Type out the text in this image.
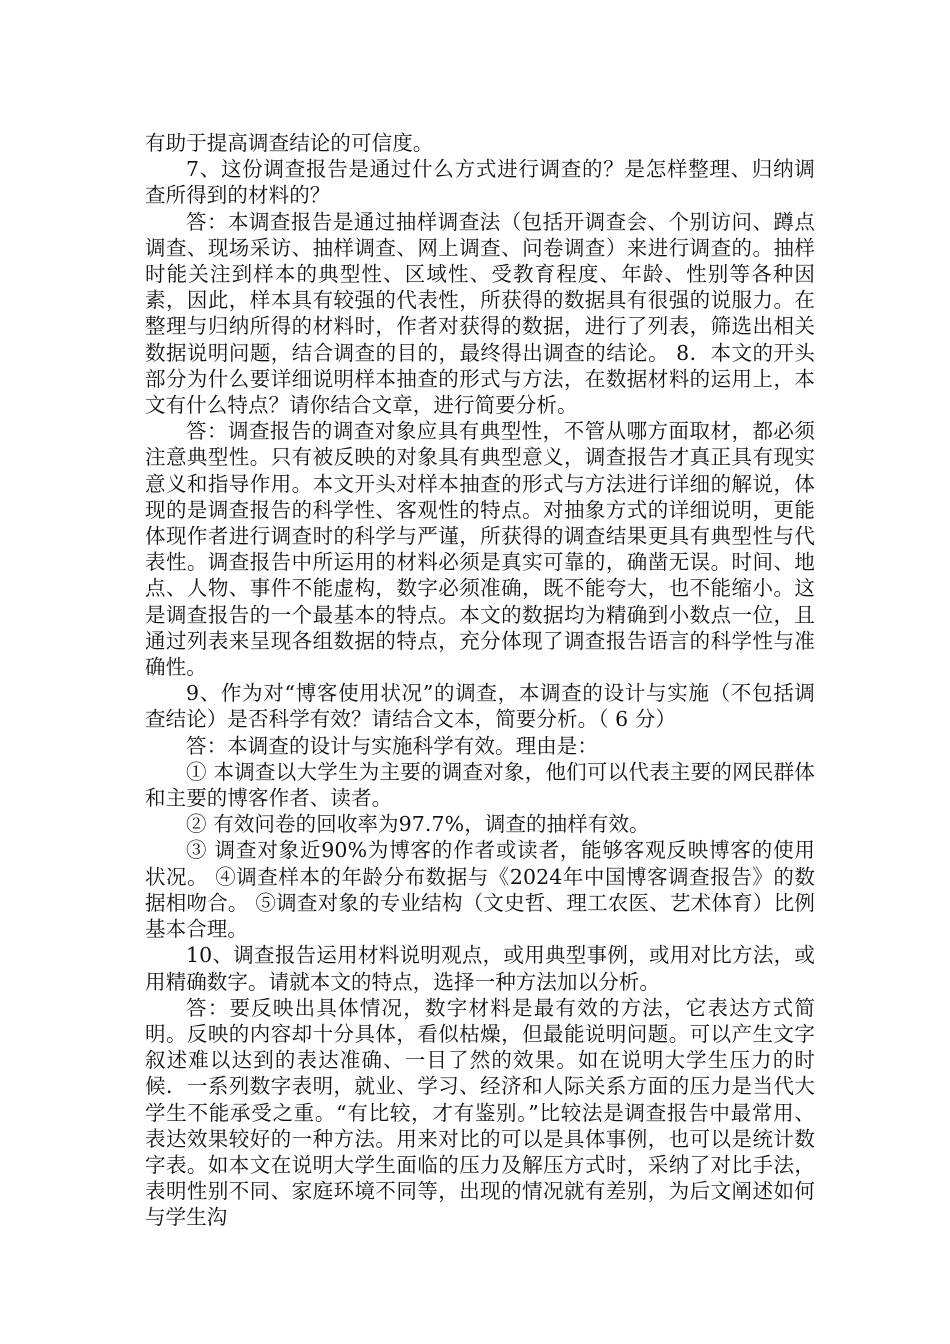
有助于提高调查结论的可信度。

7、这份调查报告是通过什么方式进行调查的？是怎样整理、归纳调查所得到的材料的？

答：本调查报告是通过抽样调查法（包括开调查会、个别访问、蹲点调查、现场采访、抽样调查、网上调查、问卷调查）来进行调查的。抽样时能关注到样本的典型性、区域性、受教育程度、年龄、性别等各种因素，因此，样本具有较强的代表性，所获得的数据具有很强的说服力。在整理与归纳所得的材料时，作者对获得的数据，进行了列表，筛选出相关数据说明问题，结合调查的目的，最终得出调查的结论。 8．本文的开头部分为什么要详细说明样本抽查的形式与方法，在数据材料的运用上，本文有什么特点？请你结合文章，进行简要分析。

答：调查报告的调查对象应具有典型性，不管从哪方面取材，都必须注意典型性。只有被反映的对象具有典型意义，调查报告才真正具有现实意义和指导作用。本文开头对样本抽查的形式与方法进行详细的解说，体现的是调查报告的科学性、客观性的特点。对抽象方式的详细说明，更能体现作者进行调查时的科学与严谨，所获得的调查结果更具有典型性与代表性。调查报告中所运用的材料必须是真实可靠的，确凿无误。时间、地点、人物、事件不能虚构，数字必须准确，既不能夸大，也不能缩小。这是调查报告的一个最基本的特点。本文的数据均为精确到小数点一位，且通过列表来呈现各组数据的特点，充分体现了调查报告语言的科学性与准确性。

9、作为对“博客使用状况”的调查，本调查的设计与实施（不包括调查结论）是否科学有效？请结合文本，简要分析。（ 6 分）

答：本调查的设计与实施科学有效。理由是：

① 本调查以大学生为主要的调查对象，他们可以代表主要的网民群体和主要的博客作者、读者。

② 有效问卷的回收率为97.7%，调查的抽样有效。

③ 调查对象近90%为博客的作者或读者，能够客观反映博客的使用状况。 ④调查样本的年龄分布数据与《2024年中国博客调查报告》的数据相吻合。 ⑤调查对象的专业结构（文史哲、理工农医、艺术体育）比例基本合理。

10、调查报告运用材料说明观点，或用典型事例，或用对比方法，或用精确数字。请就本文的特点，选择一种方法加以分析。

答：要反映出具体情况，数字材料是最有效的方法，它表达方式简明。反映的内容却十分具体，看似枯燥，但最能说明问题。可以产生文字叙述难以达到的表达准确、一目了然的效果。如在说明大学生压力的时候．一系列数字表明，就业、学习、经济和人际关系方面的压力是当代大学生不能承受之重。“有比较，才有鉴别。”比较法是调查报告中最常用、表达效果较好的一种方法。用来对比的可以是具体事例，也可以是统计数字表。如本文在说明大学生面临的压力及解压方式时，采纳了对比手法，表明性别不同、家庭环境不同等，出现的情况就有差别，为后文阐述如何与学生沟
